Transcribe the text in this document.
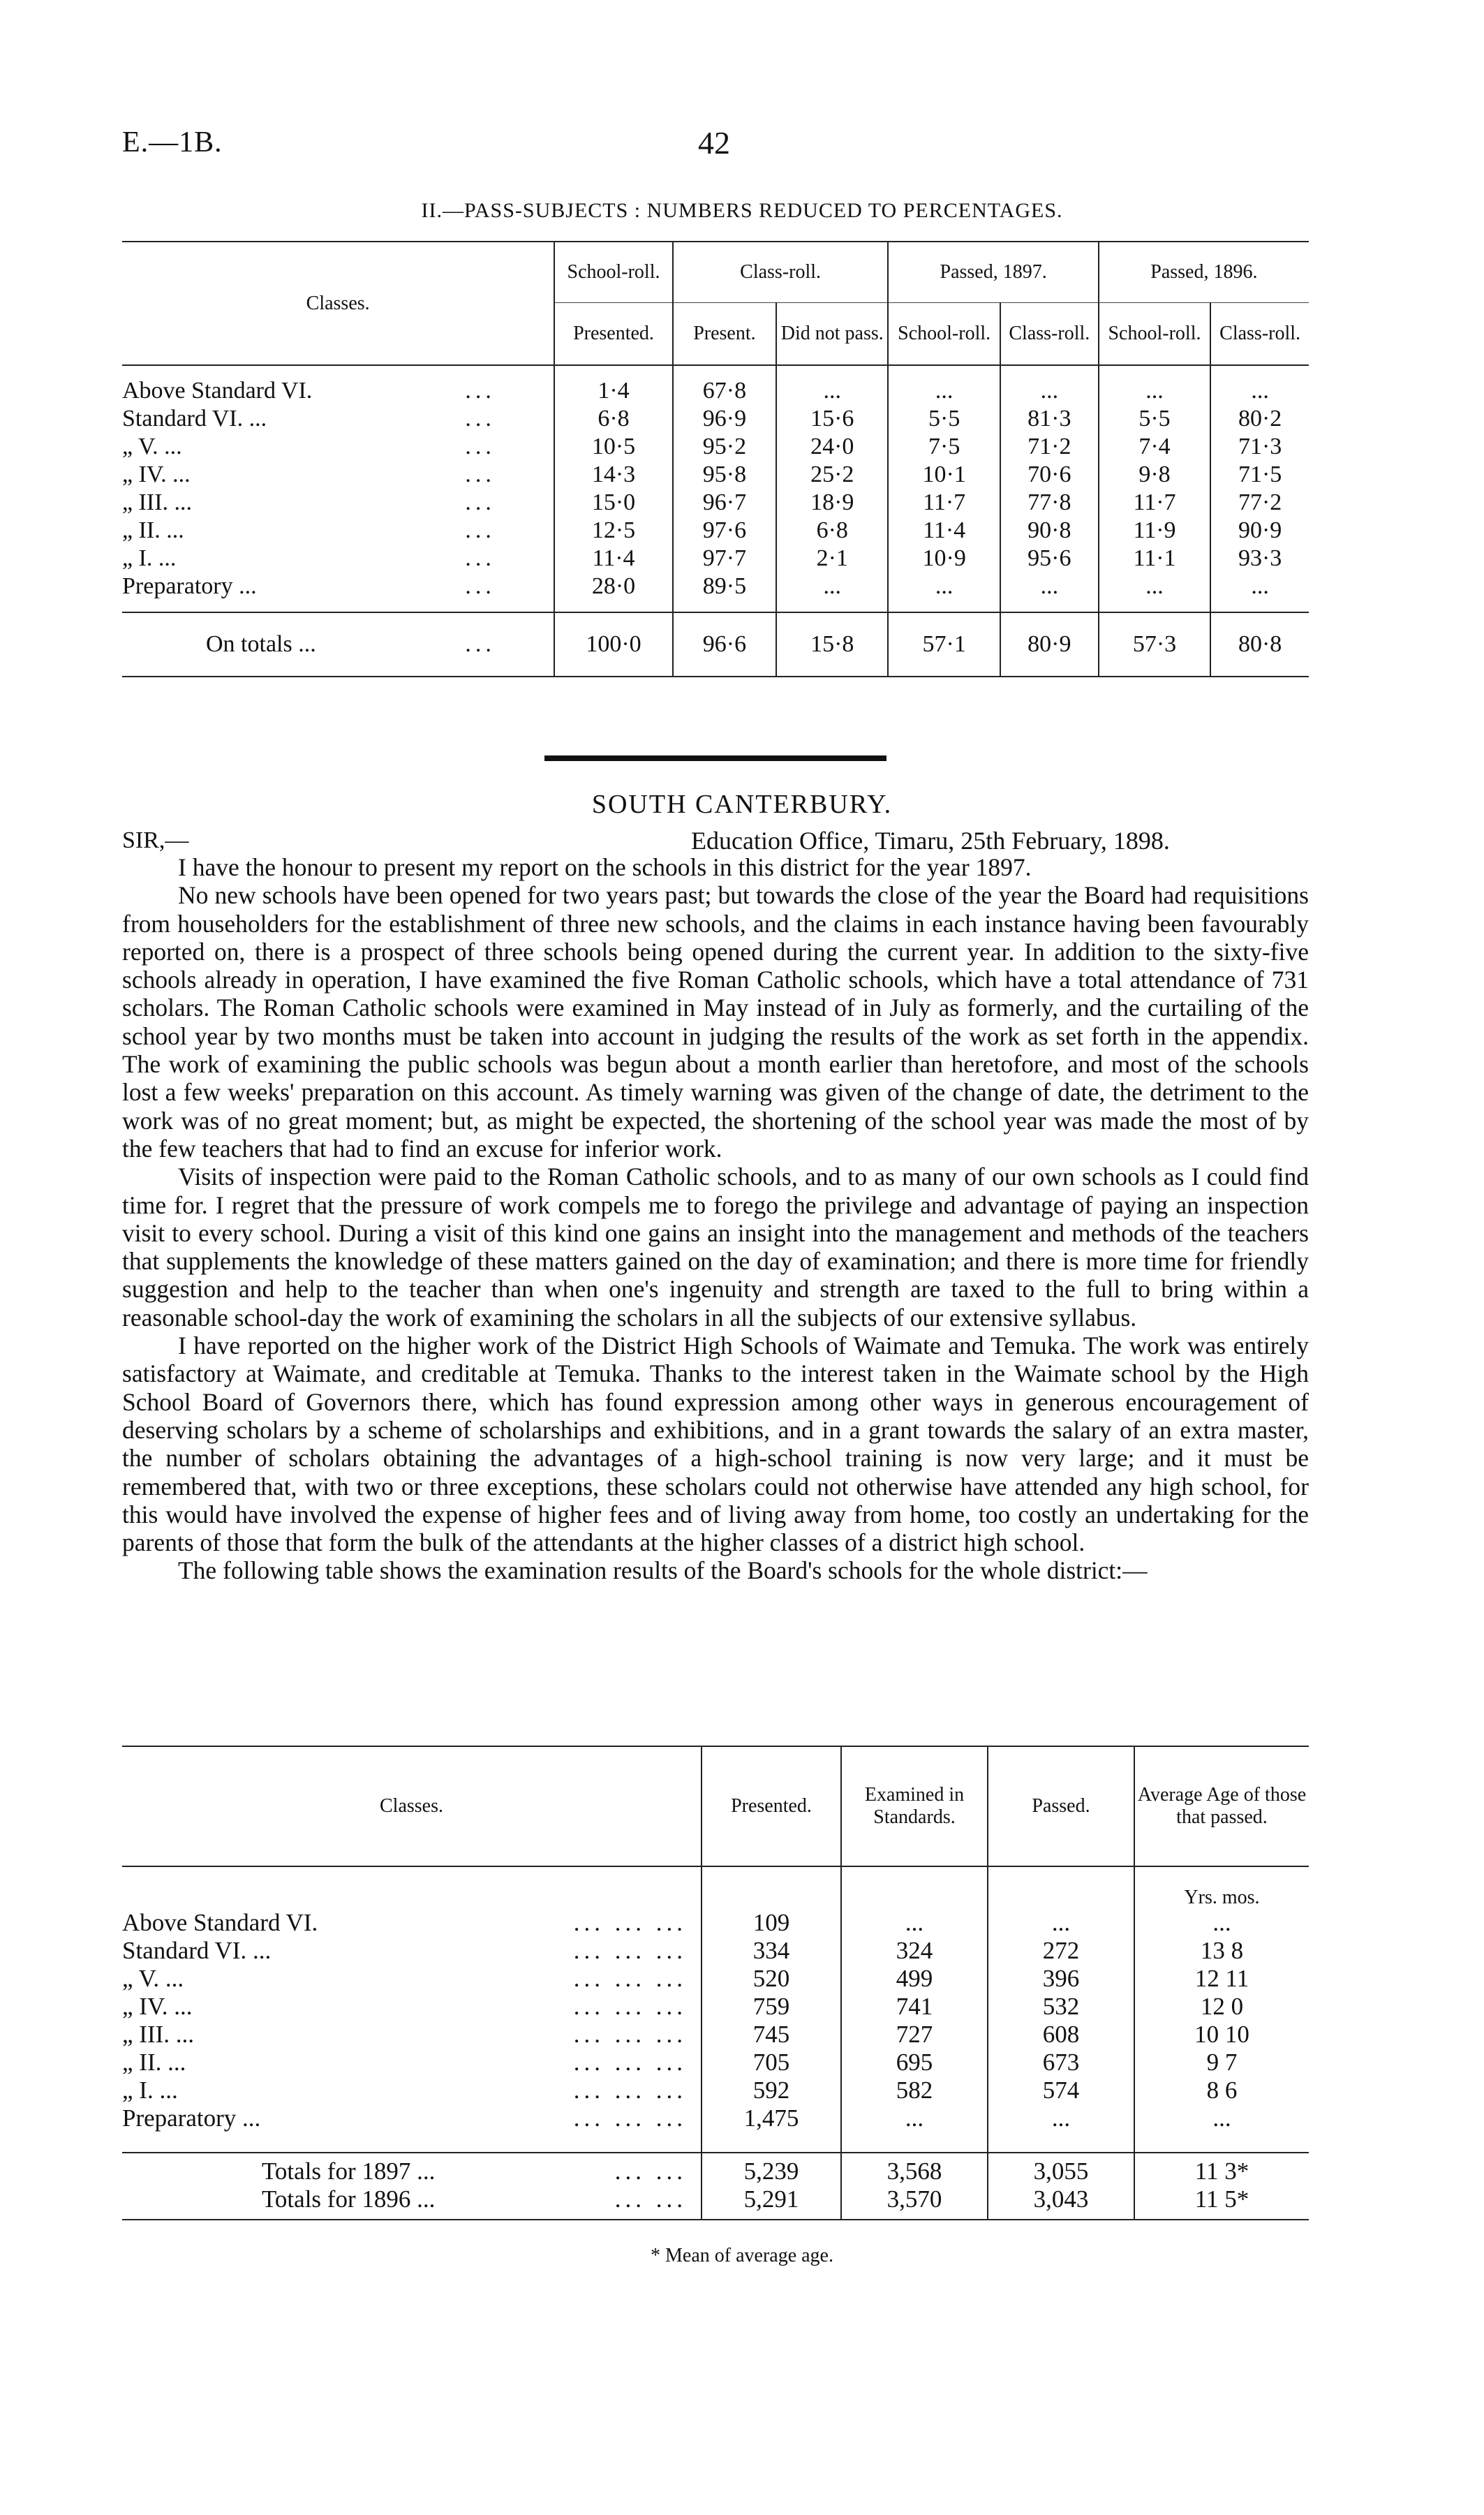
E.—1B.	42
II.—PASS-SUBJECTS : NUMBERS REDUCED TO PERCENTAGES.
Classes.		School-roll.	Class-roll.		Passed, 1897.		Passed, 1896.	
		Presented.	Present.	Did not pass.	School-roll.	Class-roll.	School-roll.	Class-roll.

Above Standard VI.	...	1·4	67·8	...	...	...	...	...
Standard VI. ...	...	6·8	96·9	15·6	5·5	81·3	5·5	80·2
„ V. ...	...	10·5	95·2	24·0	7·5	71·2	7·4	71·3
„ IV. ...	...	14·3	95·8	25·2	10·1	70·6	9·8	71·5
„ III. ...	...	15·0	96·7	18·9	11·7	77·8	11·7	77·2
„ II. ...	...	12·5	97·6	6·8	11·4	90·8	11·9	90·9
„ I. ...	...	11·4	97·7	2·1	10·9	95·6	11·1	93·3
Preparatory ...	...	28·0	89·5	...	...	...	...	...

On totals ...	...	100·0	96·6	15·8	57·1	80·9	57·3	80·8
SOUTH CANTERBURY.
SIR,—	Education Office, Timaru, 25th February, 1898.

I have the honour to present my report on the schools in this district for the year 1897.

No new schools have been opened for two years past; but towards the close of the year the Board had requisitions from householders for the establishment of three new schools, and the claims in each instance having been favourably reported on, there is a prospect of three schools being opened during the current year. In addition to the sixty-five schools already in operation, I have examined the five Roman Catholic schools, which have a total attendance of 731 scholars. The Roman Catholic schools were examined in May instead of in July as formerly, and the curtailing of the school year by two months must be taken into account in judging the results of the work as set forth in the appendix. The work of examining the public schools was begun about a month earlier than heretofore, and most of the schools lost a few weeks' preparation on this account. As timely warning was given of the change of date, the detriment to the work was of no great moment; but, as might be expected, the shortening of the school year was made the most of by the few teachers that had to find an excuse for inferior work.

Visits of inspection were paid to the Roman Catholic schools, and to as many of our own schools as I could find time for. I regret that the pressure of work compels me to forego the privilege and advantage of paying an inspection visit to every school. During a visit of this kind one gains an insight into the management and methods of the teachers that supplements the knowledge of these matters gained on the day of examination; and there is more time for friendly suggestion and help to the teacher than when one's ingenuity and strength are taxed to the full to bring within a reasonable school-day the work of examining the scholars in all the subjects of our extensive syllabus.

I have reported on the higher work of the District High Schools of Waimate and Temuka. The work was entirely satisfactory at Waimate, and creditable at Temuka. Thanks to the interest taken in the Waimate school by the High School Board of Governors there, which has found expression among other ways in generous encouragement of deserving scholars by a scheme of scholarships and exhibitions, and in a grant towards the salary of an extra master, the number of scholars obtaining the advantages of a high-school training is now very large; and it must be remembered that, with two or three exceptions, these scholars could not otherwise have attended any high school, for this would have involved the expense of higher fees and of living away from home, too costly an undertaking for the parents of those that form the bulk of the attendants at the higher classes of a district high school.

The following table shows the examination results of the Board's schools for the whole district:—

Classes.		Presented.	Examined in Standards.	Passed.	Average Age of those that passed.
					Yrs. mos.
Above Standard VI.	... ... ...	109	...	...	...
Standard VI. ...	... ... ...	334	324	272	13 8
„ V. ...	... ... ...	520	499	396	12 11
„ IV. ...	... ... ...	759	741	532	12 0
„ III. ...	... ... ...	745	727	608	10 10
„ II. ...	... ... ...	705	695	673	9 7
„ I. ...	... ... ...	592	582	574	8 6
Preparatory ...	... ... ...	1,475	...	...	...

Totals for 1897 ...	... ...	5,239	3,568	3,055	11 3*
Totals for 1896 ...	... ...	5,291	3,570	3,043	11 5*
* Mean of average age.
